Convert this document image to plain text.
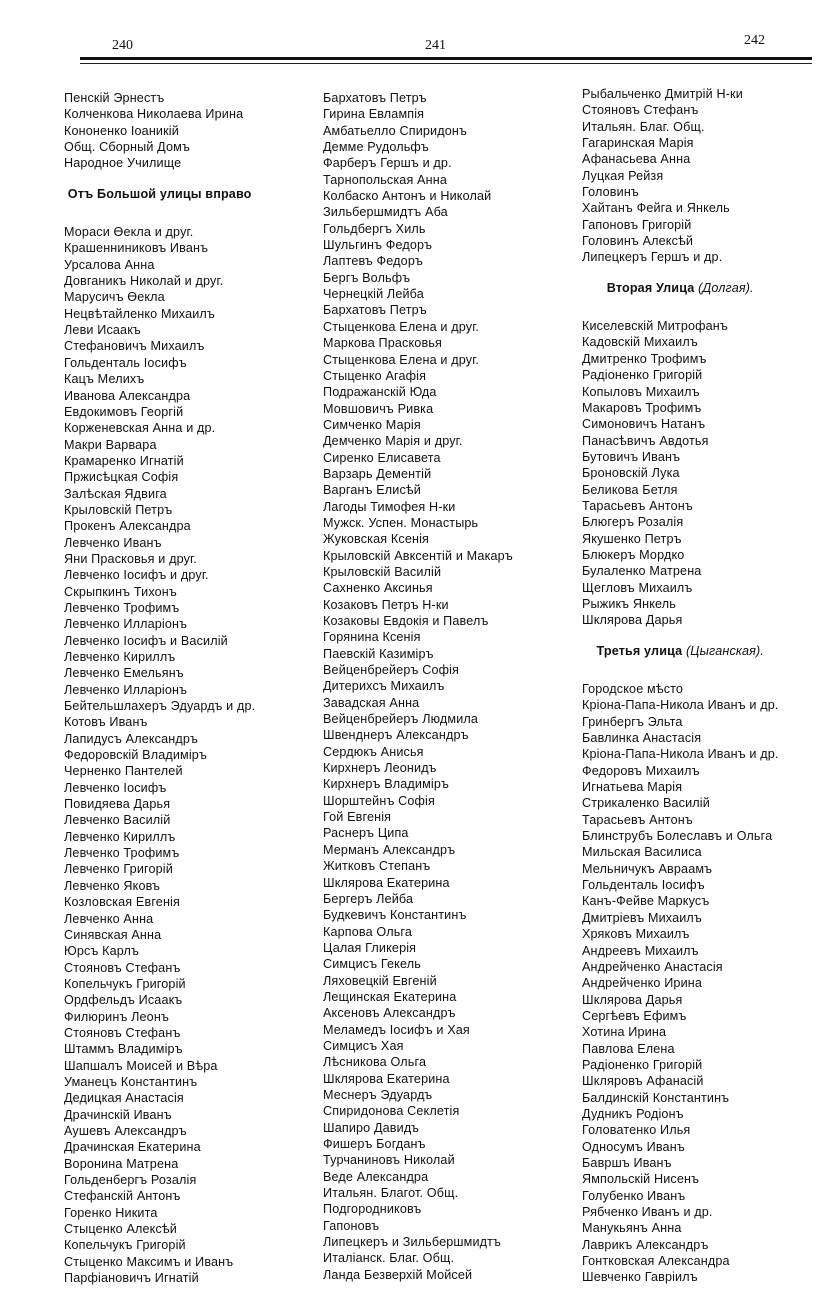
240	241	242
Пенскій Эрнестъ
Колченкова Николаева Ирина
Кононенко Іоаникій
Общ. Сборный Домъ
Народное Училище
Отъ Большой улицы вправо
Мораси Өекла и друг.
Крашенниниковъ Иванъ
Урсалова Анна
Довганикъ Николай и друг.
Марусичъ Өекла
Нецвѣтайленко Михаилъ
Леви Исаакъ
Стефановичъ Михаилъ
Гольденталь Іосифъ
Кацъ Мелихъ
Иванова Александра
Евдокимовъ Георгій
Корженевская Анна и др.
Макри Варвара
Крамаренко Игнатій
Пржисѣцкая Софія
Залѣская Ядвига
Крыловскій Петръ
Прокенъ Александра
Левченко Иванъ
Яни Прасковья и друг.
Левченко Іосифъ и друг.
Скрыпкинъ Тихонъ
Левченко Трофимъ
Левченко Илларіонъ
Левченко Іосифъ и Василій
Левченко Кириллъ
Левченко Емельянъ
Левченко Илларіонъ
Бейтельшлахеръ Эдуардъ и др.
Котовъ Иванъ
Лапидусъ Александръ
Федоровскій Владиміръ
Черненко Пантелей
Левченко Іосифъ
Повидяева Дарья
Левченко Василій
Левченко Кириллъ
Левченко Трофимъ
Левченко Григорій
Левченко Яковъ
Козловская Евгенія
Левченко Анна
Синявская Анна
Юрсъ Карлъ
Стояновъ Стефанъ
Копельчукъ Григорій
Ордфельдъ Исаакъ
Филюринъ Леонъ
Стояновъ Стефанъ
Штаммъ Владиміръ
Шапшалъ Моисей и Вѣра
Уманецъ Константинъ
Дедицкая Анастасія
Драчинскій Иванъ
Аушевъ Александръ
Драчинская Екатерина
Воронина Матрена
Гольденбергъ Розалія
Стефанскій Антонъ
Горенко Никита
Стыценко Алексѣй
Копельчукъ Григорій
Стыценко Максимъ и Иванъ
Парфіановичъ Игнатій
Бархатовъ Петръ
Гирина Евлампія
Амбатьелло Спиридонъ
Демме Рудольфъ
Фарберъ Гершъ и др.
Тарнопольская Анна
Колбаско Антонъ и Николай
Зильбершмидтъ Аба
Гольдбергъ Хиль
Шульгинъ Федоръ
Лаптевъ Федоръ
Бергъ Вольфъ
Чернецкій Лейба
Бархатовъ Петръ
Стыценкова Елена и друг.
Маркова Прасковья
Стыценкова Елена и друг.
Стыценко Агафія
Подражанскій Юда
Мовшовичъ Ривка
Симченко Марія
Демченко Марія и друг.
Сиренко Елисавета
Варзарь Дементій
Варганъ Елисѣй
Лагоды Тимофея Н-ки
Мужск. Успен. Монастырь
Жуковская Ксенія
Крыловскій Авксентій и Макаръ
Крыловскій Василій
Сахненко Аксинья
Козаковъ Петръ Н-ки
Козаковы Евдокія и Павелъ
Горянина Ксенія
Паевскій Казиміръ
Вейценбрейеръ Софія
Дитерихсъ Михаилъ
Завадская Анна
Вейценбрейеръ Людмила
Швенднеръ Александръ
Сердюкъ Анисья
Кирхнеръ Леонидъ
Кирхнеръ Владиміръ
Шорштейнъ Софія
Гой Евгенія
Раснеръ Ципа
Мерманъ Александръ
Житковъ Степанъ
Шклярова Екатерина
Бергеръ Лейба
Будкевичъ Константинъ
Карпова Ольга
Цалая Гликерія
Симцисъ Гекель
Ляховецкій Евгеній
Лещинская Екатерина
Аксеновъ Александръ
Меламедъ Іосифъ и Хая
Симцисъ Хая
Лѣсникова Ольга
Шклярова Екатерина
Меснеръ Эдуардъ
Спиридонова Секлетія
Шапиро Давидъ
Фишеръ Богданъ
Турчаниновъ Николай
Веде Александра
Итальян. Благот. Общ.
Подгородниковъ
Гапоновъ
Липецкеръ и Зильбершмидтъ
Италіанск. Благ. Общ.
Ланда Безверхій Мойсей
Рыбальченко Дмитрій Н-ки
Стояновъ Стефанъ
Итальян. Благ. Общ.
Гагаринская Марія
Афанасьева Анна
Луцкая Рейзя
Головинъ
Хайтанъ Фейга и Янкель
Гапоновъ Григорій
Головинъ Алексѣй
Липецкеръ Гершъ и др.
Вторая Улица (Долгая).
Киселевскій Митрофанъ
Кадовскій Михаилъ
Дмитренко Трофимъ
Радіоненко Григорій
Копыловъ Михаилъ
Макаровъ Трофимъ
Симоновичъ Натанъ
Панасѣвичъ Авдотья
Бутовичъ Иванъ
Броновскій Лука
Беликова Бетля
Тарасьевъ Антонъ
Блюгеръ Розалія
Якушенко Петръ
Блюкеръ Мордко
Булаленко Матрена
Щегловъ Михаилъ
Рыжикъ Янкель
Шклярова Дарья
Третья улица (Цыганская).
Городское мѣсто
Кріона-Папа-Никола Иванъ и др.
Гринбергъ Эльта
Бавлинка Анастасія
Кріона-Папа-Никола Иванъ и др.
Федоровъ Михаилъ
Игнатьева Марія
Стрикаленко Василій
Тарасьевъ Антонъ
Блинструбъ Болеславъ и Ольга
Мильская Василиса
Мельничукъ Авраамъ
Гольденталь Іосифъ
Канъ-Фейве Маркусъ
Дмитріевъ Михаилъ
Хряковъ Михаилъ
Андреевъ Михаилъ
Андрейченко Анастасія
Андрейченко Ирина
Шклярова Дарья
Сергѣевъ Ефимъ
Хотина Ирина
Павлова Елена
Радіоненко Григорій
Шкляровъ Афанасій
Балдинскій Константинъ
Дудникъ Родіонъ
Головатенко Илья
Односумъ Иванъ
Бавршъ Иванъ
Ямпольскій Нисенъ
Голубенко Иванъ
Рябченко Иванъ и др.
Манукьянъ Анна
Лаврикъ Александръ
Гонтковская Александра
Шевченко Гавріилъ
